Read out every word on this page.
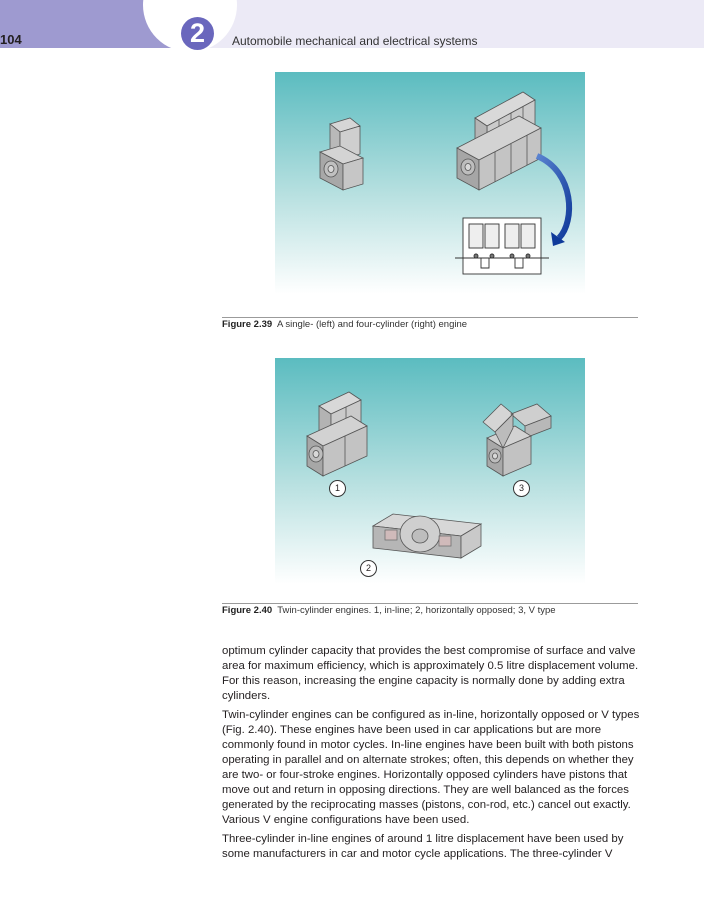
2
104	Automobile mechanical and electrical systems
Figure 2.39 A single- (left) and four-cylinder (right) engine
1
2
3
Figure 2.40 Twin-cylinder engines. 1, in-line; 2, horizontally opposed; 3, V type

optimum cylinder capacity that provides the best compromise of surface and valve area for maximum efficiency, which is approximately 0.5 litre displacement volume. For this reason, increasing the engine capacity is normally done by adding extra cylinders.

Twin-cylinder engines can be configured as in-line, horizontally opposed or V types (Fig. 2.40). These engines have been used in car applications but are more commonly found in motor cycles. In-line engines have been built with both pistons operating in parallel and on alternate strokes; often, this depends on whether they are two- or four-stroke engines. Horizontally opposed cylinders have pistons that move out and return in opposing directions. They are well balanced as the forces generated by the reciprocating masses (pistons, con-rod, etc.) cancel out exactly. Various V engine configurations have been used.

Three-cylinder in-line engines of around 1 litre displacement have been used by some manufacturers in car and motor cycle applications. The three-cylinder V
